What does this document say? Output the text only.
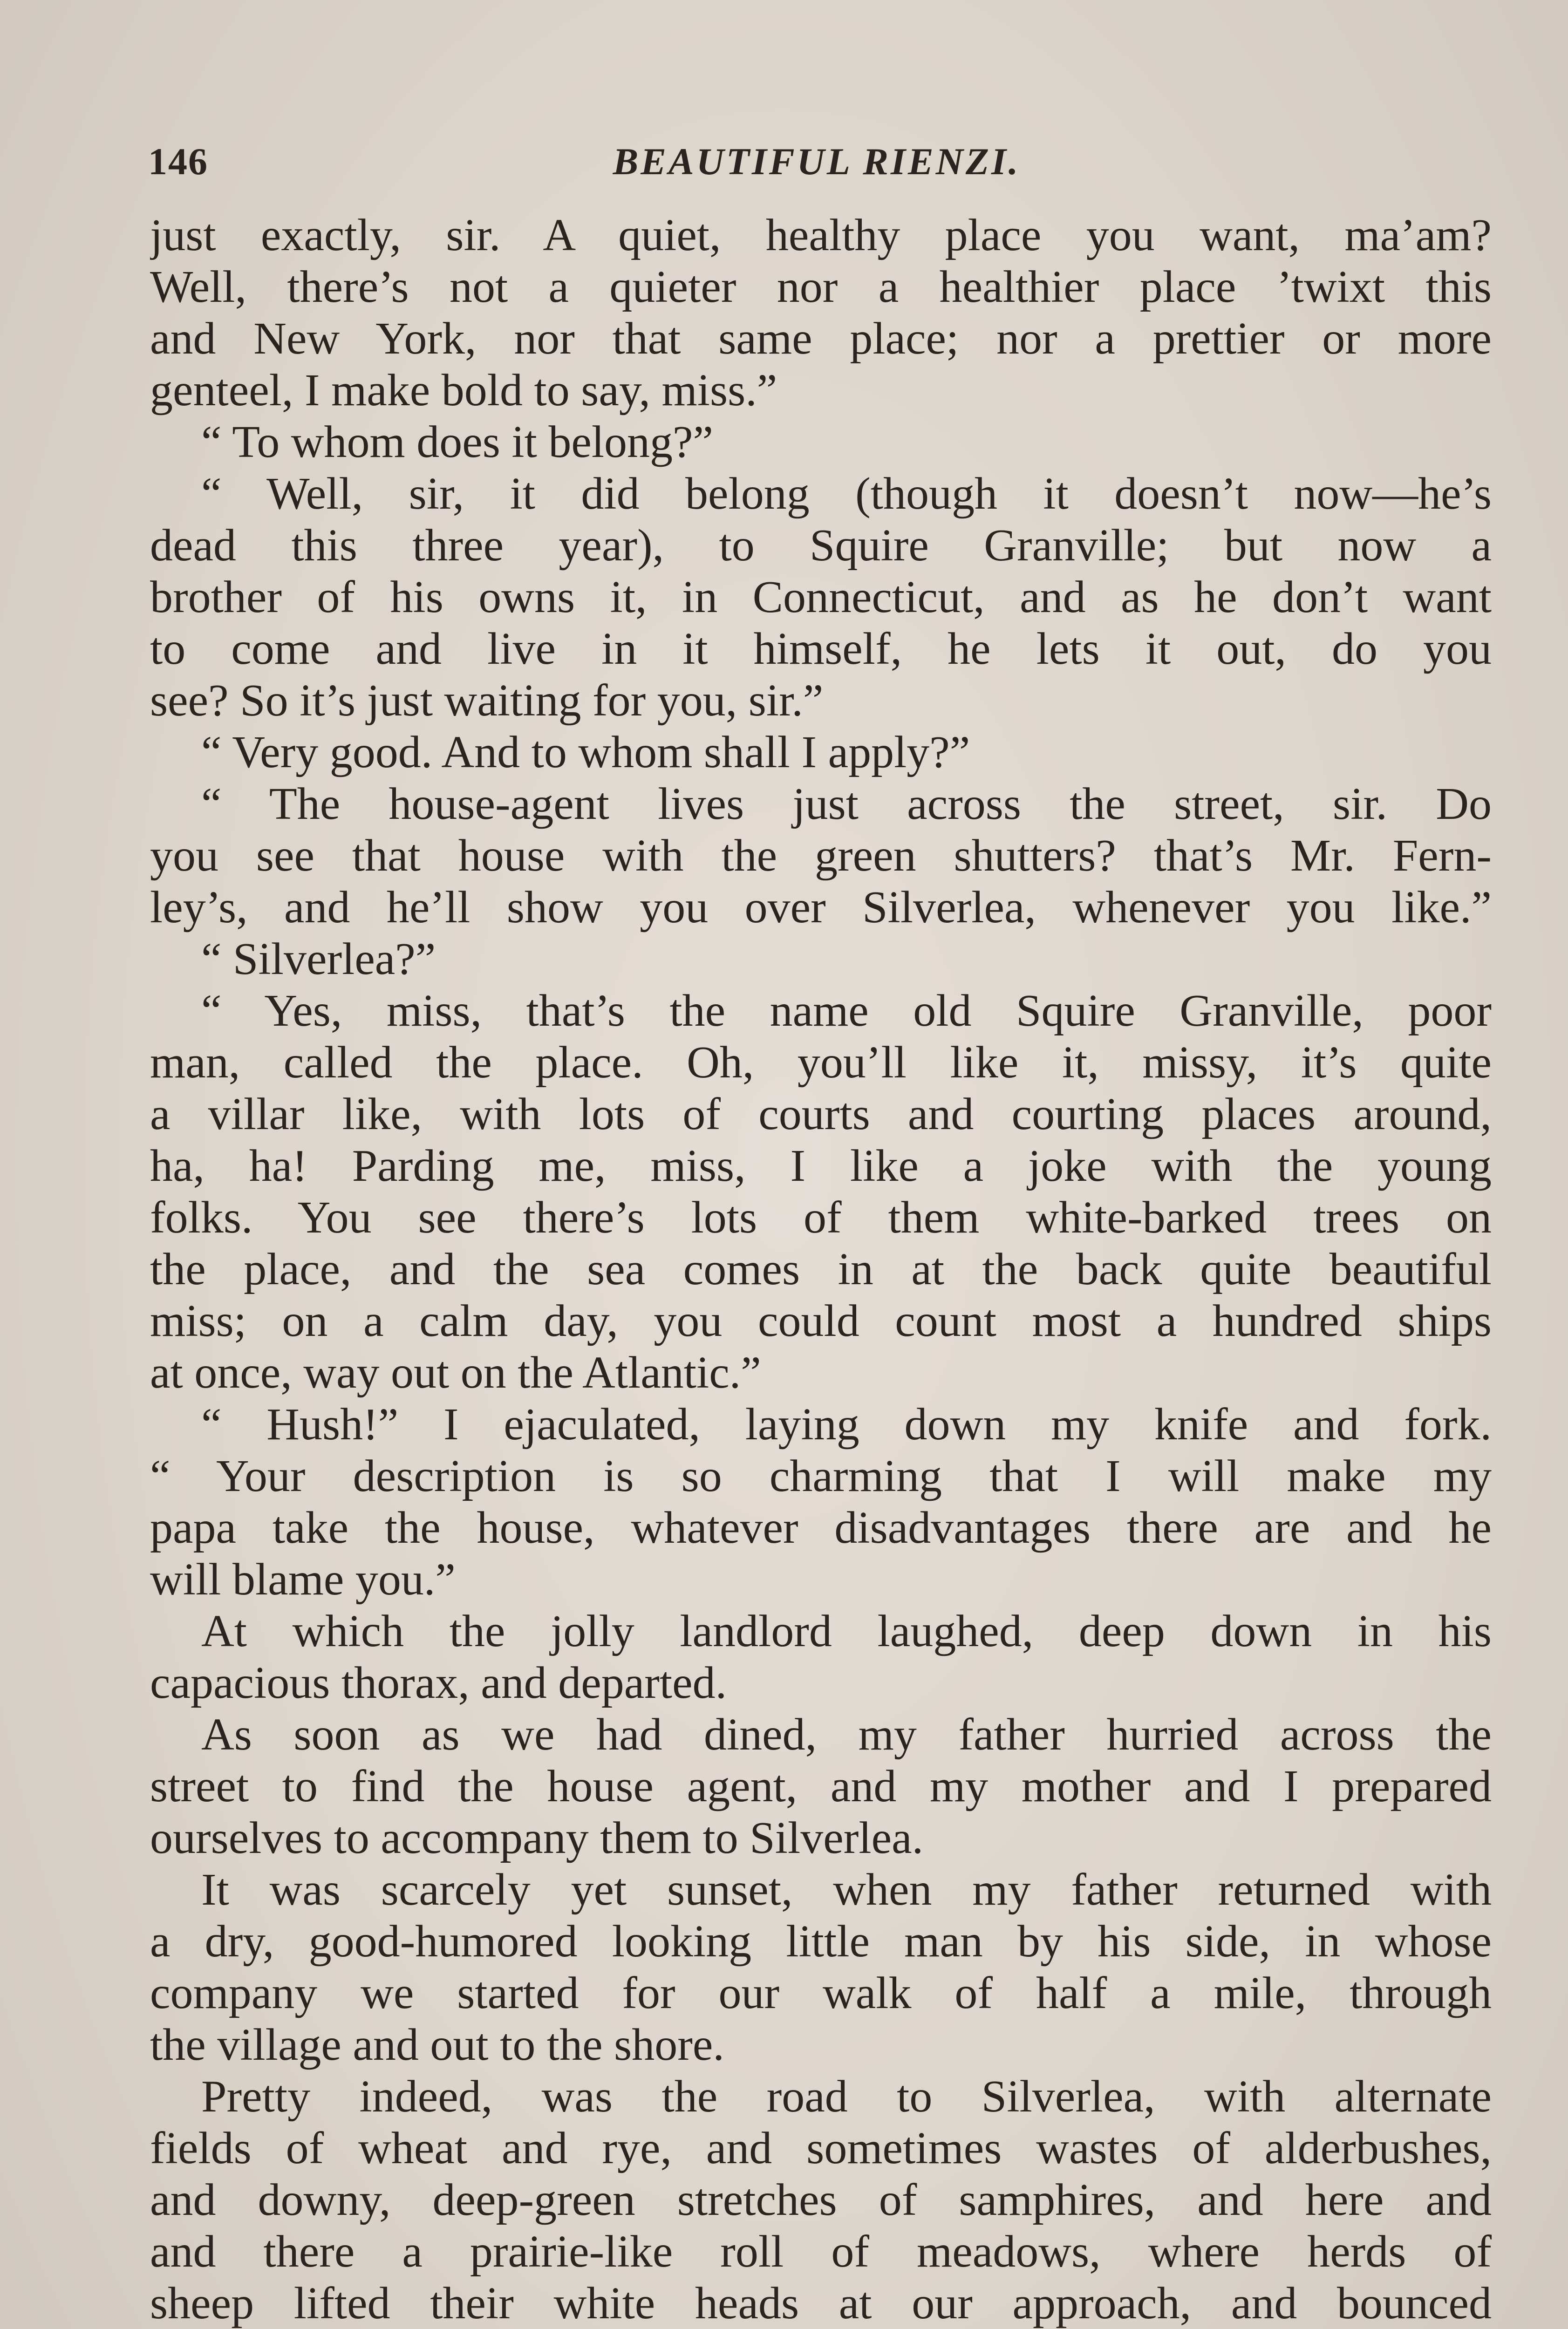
146	BEAUTIFUL RIENZI.
just exactly, sir. A quiet, healthy place you want, ma’am?
Well, there’s not a quieter nor a healthier place ’twixt this
and New York, nor that same place; nor a prettier or more
genteel, I make bold to say, miss.”
“ To whom does it belong?”
“ Well, sir, it did belong (though it doesn’t now—he’s
dead this three year), to Squire Granville; but now a
brother of his owns it, in Connecticut, and as he don’t want
to come and live in it himself, he lets it out, do you
see? So it’s just waiting for you, sir.”
“ Very good. And to whom shall I apply?”
“ The house-agent lives just across the street, sir. Do
you see that house with the green shutters? that’s Mr. Fern-
ley’s, and he’ll show you over Silverlea, whenever you like.”
“ Silverlea?”
“ Yes, miss, that’s the name old Squire Granville, poor
man, called the place. Oh, you’ll like it, missy, it’s quite
a villar like, with lots of courts and courting places around,
ha, ha! Parding me, miss, I like a joke with the young
folks. You see there’s lots of them white-barked trees on
the place, and the sea comes in at the back quite beautiful
miss; on a calm day, you could count most a hundred ships
at once, way out on the Atlantic.”
“ Hush!” I ejaculated, laying down my knife and fork.
“ Your description is so charming that I will make my
papa take the house, whatever disadvantages there are and he
will blame you.”
At which the jolly landlord laughed, deep down in his
capacious thorax, and departed.
As soon as we had dined, my father hurried across the
street to find the house agent, and my mother and I prepared
ourselves to accompany them to Silverlea.
It was scarcely yet sunset, when my father returned with
a dry, good-humored looking little man by his side, in whose
company we started for our walk of half a mile, through
the village and out to the shore.
Pretty indeed, was the road to Silverlea, with alternate
fields of wheat and rye, and sometimes wastes of alderbushes,
and downy, deep-green stretches of samphires, and here and
and there a prairie-like roll of meadows, where herds of
sheep lifted their white heads at our approach, and bounced
